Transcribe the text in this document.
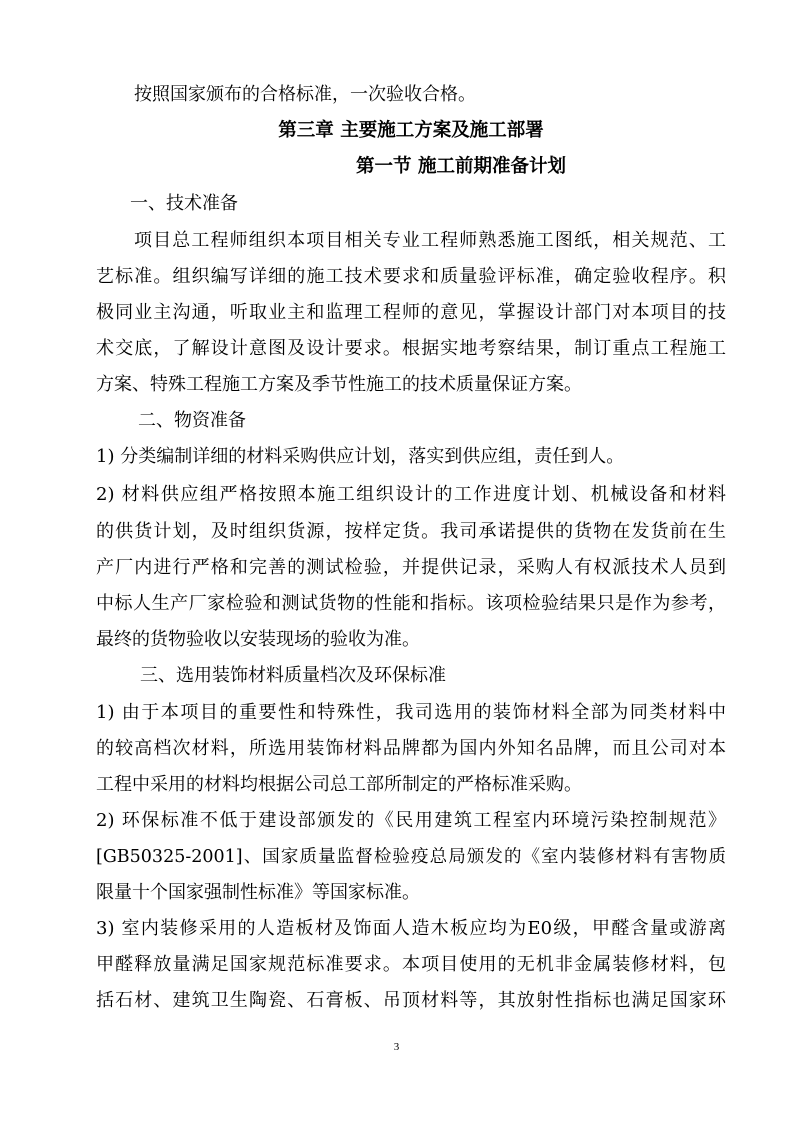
按照国家颁布的合格标准，一次验收合格。
第三章 主要施工方案及施工部署
第一节 施工前期准备计划
一、技术准备
项目总工程师组织本项目相关专业工程师熟悉施工图纸，相关规范、工
艺标准。组织编写详细的施工技术要求和质量验评标准，确定验收程序。积
极同业主沟通，听取业主和监理工程师的意见，掌握设计部门对本项目的技
术交底，了解设计意图及设计要求。根据实地考察结果，制订重点工程施工
方案、特殊工程施工方案及季节性施工的技术质量保证方案。
二、物资准备
1) 分类编制详细的材料采购供应计划，落实到供应组，责任到人。
2) 材料供应组严格按照本施工组织设计的工作进度计划、机械设备和材料
的供货计划，及时组织货源，按样定货。我司承诺提供的货物在发货前在生
产厂内进行严格和完善的测试检验，并提供记录，采购人有权派技术人员到
中标人生产厂家检验和测试货物的性能和指标。该项检验结果只是作为参考，
最终的货物验收以安装现场的验收为准。
三、选用装饰材料质量档次及环保标准
1) 由于本项目的重要性和特殊性，我司选用的装饰材料全部为同类材料中
的较高档次材料，所选用装饰材料品牌都为国内外知名品牌，而且公司对本
工程中采用的材料均根据公司总工部所制定的严格标准采购。
2) 环保标准不低于建设部颁发的《民用建筑工程室内环境污染控制规范》
[GB50325-2001]、国家质量监督检验疫总局颁发的《室内装修材料有害物质
限量十个国家强制性标准》等国家标准。
3) 室内装修采用的人造板材及饰面人造木板应均为E0级，甲醛含量或游离
甲醛释放量满足国家规范标准要求。本项目使用的无机非金属装修材料，包
括石材、建筑卫生陶瓷、石膏板、吊顶材料等，其放射性指标也满足国家环
3
